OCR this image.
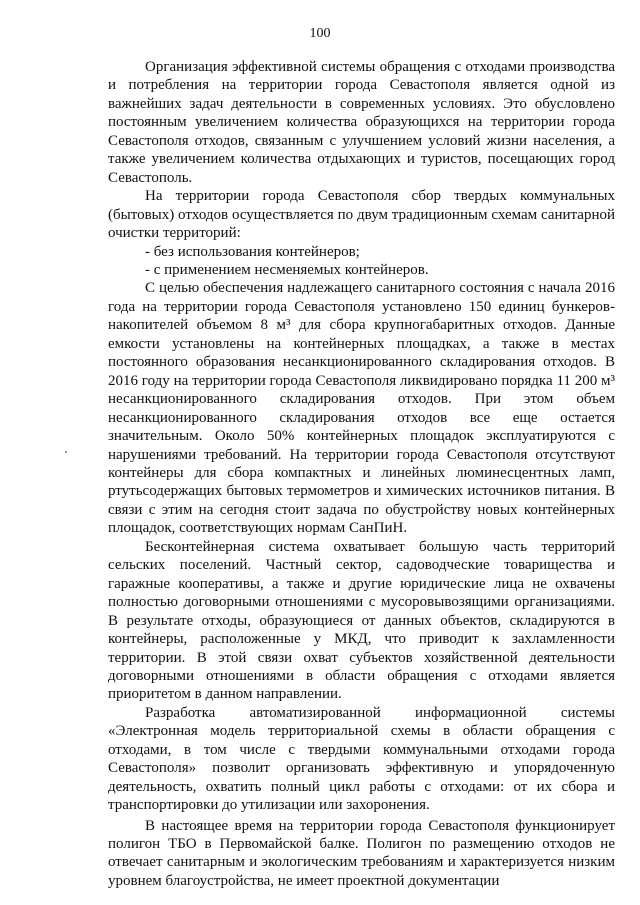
100

Организация эффективной системы обращения с отходами производства и потребления на территории города Севастополя является одной из важнейших задач деятельности в современных условиях. Это обусловлено постоянным увеличением количества образующихся на территории города Севастополя отходов, связанным с улучшением условий жизни населения, а также увеличением количества отдыхающих и туристов, посещающих город Севастополь.

На территории города Севастополя сбор твердых коммунальных (бытовых) отходов осуществляется по двум традиционным схемам санитарной очистки территорий:

- без использования контейнеров;

- с применением несменяемых контейнеров.

С целью обеспечения надлежащего санитарного состояния с начала 2016 года на территории города Севастополя установлено 150 единиц бункеров-накопителей объемом 8 м³ для сбора крупногабаритных отходов. Данные емкости установлены на контейнерных площадках, а также в местах постоянного образования несанкционированного складирования отходов. В 2016 году на территории города Севастополя ликвидировано порядка 11 200 м³ несанкционированного складирования отходов. При этом объем несанкционированного складирования отходов все еще остается значительным. Около 50% контейнерных площадок эксплуатируются с нарушениями требований. На территории города Севастополя отсутствуют контейнеры для сбора компактных и линейных люминесцентных ламп, ртутьсодержащих бытовых термометров и химических источников питания. В связи с этим на сегодня стоит задача по обустройству новых контейнерных площадок, соответствующих нормам СанПиН.

Бесконтейнерная система охватывает большую часть территорий сельских поселений. Частный сектор, садоводческие товарищества и гаражные кооперативы, а также и другие юридические лица не охвачены полностью договорными отношениями с мусоровывозящими организациями. В результате отходы, образующиеся от данных объектов, складируются в контейнеры, расположенные у МКД, что приводит к захламленности территории. В этой связи охват субъектов хозяйственной деятельности договорными отношениями в области обращения с отходами является приоритетом в данном направлении.

Разработка автоматизированной информационной системы «Электронная модель территориальной схемы в области обращения с отходами, в том числе с твердыми коммунальными отходами города Севастополя» позволит организовать эффективную и упорядоченную деятельность, охватить полный цикл работы с отходами: от их сбора и транспортировки до утилизации или захоронения.

В настоящее время на территории города Севастополя функционирует полигон ТБО в Первомайской балке. Полигон по размещению отходов не отвечает санитарным и экологическим требованиям и характеризуется низким уровнем благоустройства, не имеет проектной документации
